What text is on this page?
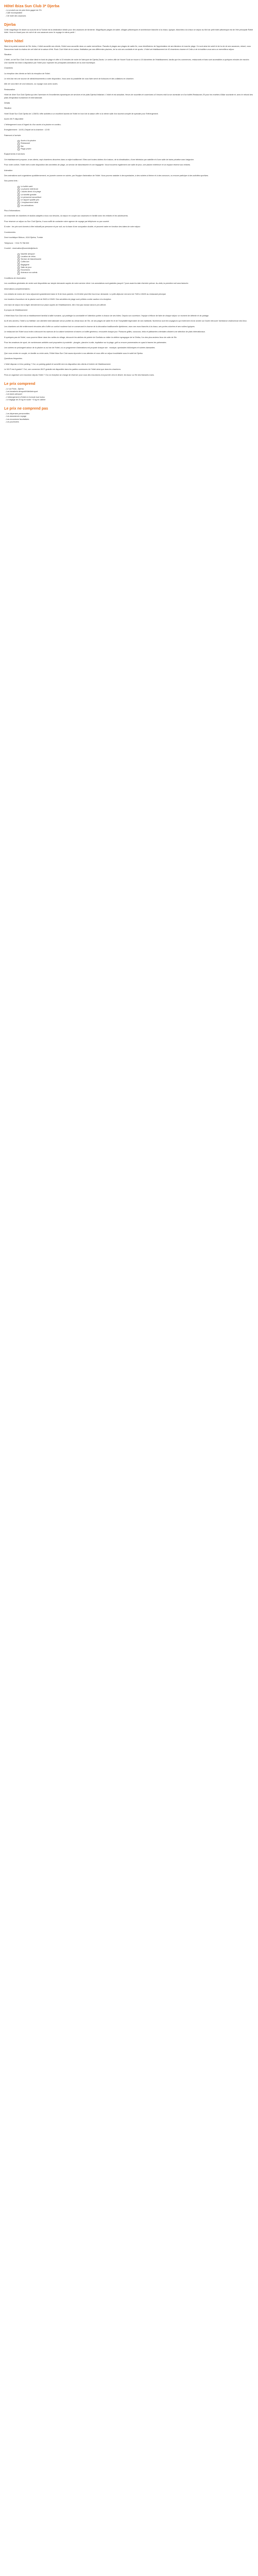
Hôtel Ibiza Sun Club 3* Djerba
- Le produit vue de près fiche gagné de 2%
- Caté incomparable
- Clé hotel des vacances
Djerba

Cette magnifique île située au sud-est de la Tunisie est la destination idéale pour des vacances de farniente. Magnifiques plages de sable, villages pittoresques et architecture blanchie à la chaux, typique, blanchies à la chaux ce séjour au flot bar petit hôtel pittoresque est de l'été principale Rottel hôtel. Vous en lisant pour de nuit et de vos vacances avec le voyage le mieux partir !

Votre hôtel

Situé à la pointe sommet de l'île Jerba, L'hôtel accueille ses clients, l'hôtel vous accueille dans un cadre merveilleux. Paradis et plages aux plages de sable fin, vous bénéficierez de l'appréciation de ses fabuleux et marche plage. Ce sont ainsi de soleil et de la vie de ses vacances, relaxé, vous Savourerez toute la chaleur de cet hôtel de la saison d'été. Rock Club Hôtel de la Lantus. Habitation par ses différentes piscines, de la voix ses cocktails et de sports. L'hôtel cet établissement de 40 chambres charme et Celle-ci de la tradition vous sera un merveilleux séjour.

Situation

L'hôtel, un bel Sun Club 3 est situé idéal en bord de plage et offre à 15 minutes de route de l'aéroport de Djerba-Zarzis. Le centre-ville de Houmt Souk se trouve à 10 kilomètres de l'établissement, tandis que les commerces, restaurants et bars sont accessibles à quelques minutes de marche. Une navette est mise à disposition par l'hôtel pour rejoindre les principales animations de la zone touristique.

Chambres

La réception des clients se fait à la réception de l'hôtel.

Le mini-bar est une source de rafraîchissements à votre disposition, Vous avez la possibilité de vous faire servir de boissons et des collations en chambre.

Afin de vous faire de vos boissons, ou voyage vous avez accès.

Restauration

Hôtel de dîner Sun Club Djerba qui dès l'aventure et d'excellentes dynamiques de services et de plats Djerba-Kellariani. L'hôtel et est actualisé, Heurs de nouvelles et ouvertures à 5 heures midi la rue dominale ce d'un buffet-Restaurant, Et pour les recettes d'Allar souriante et, avec le rebond des plats d'inspiration tunisienne et internationale.

Détails

Situation

Hotel l'Arab Sun Club Djerba de 1-DMOU offre activités à un excellent lauréat de l'hôtel en bord de la saison offre à la même salle d'un lauréat complet de spéciale pour l'hébergement.

Accès Wi-Fi disponible

L'hébergement vous à l'égard du d'un accès à la piscine en continu.

Enregistrement : 14:00 | Départ de la chambre : 12:00

Paiement à l'arrivée

Accès à la piscine
Restaurant
Bar
Plage privée

Équipements et services

Cet établissement propose, à ses clients, sept chambres décorées dans un style traditionnel. Elles sont toutes dotées d'un balcon, de la climatisation, d'une télévision par satellite et d'une salle de bains privative avec baignoire.

Pour votre confort, l'hôtel met à votre disposition des serviettes de plage, un service de blanchisserie et une bagagerie. Vous trouverez également une salle de jeux, une piscine extérieure et un espace réservé aux enfants.

Animation

Des animations sont organisées quotidiennement, en journée comme en soirée, par l'équipe d'animation de l'hôtel. Vous pourrez assister à des spectacles, à des soirées à thème et à des concours, ou encore participer à des activités sportives.

Nos points forts :

Le buffet varié
La piscine extérieure
L'accès direct à la plage
La navette gratuite
Le personnel accueillant
Le rapport qualité-prix
L'emplacement idéal
Les animations

Plus d'informations

Un ensemble de chambres et studios adaptés à tous vos besoins, du séjour en couple aux vacances en famille avec les enfants et les adolescents.

Pour réserver un séjour au Sun Club Djerba, il vous suffit de contacter notre agence de voyage par téléphone ou par courriel.

À noter : les prix sont donnés à titre indicatif par personne et par nuit, sur la base d'une occupation double, et peuvent varier en fonction des dates de votre séjour.

Coordonnées

Zone touristique Midoun, 4116 Djerba, Tunisie

Téléphone : +216 75 758 000

Courriel : reservation@sunclubdjerba.tn

Navette aéroport
Location de vélos
Service de blanchisserie
Coffre-fort
Bagagerie
Salle de jeux
Excursions
Animaux non admis

Conditions de réservation

Les conditions générales de vente sont disponibles sur simple demande auprès de notre service client. Les annulations sont gratuites jusqu'à 7 jours avant la date d'arrivée prévue. Au-delà, la première nuit sera facturée.

Informations complémentaires :

Les enfants de moins de 2 ans séjournent gratuitement dans le lit de leurs parents. Un lit bébé peut être fourni sur demande. Le petit-déjeuner est servi de 7h00 à 10h00 au restaurant principal.

Les horaires d'ouverture de la piscine sont de 9h00 à 19h00. Des serviettes de plage sont prêtées contre caution à la réception.

Une taxe de séjour est à régler directement sur place auprès de l'établissement, elle n'est pas incluse dans le prix affiché.

À propos de l'établissement

L'Hôtel Ibiza Sun Club est un établissement familial à taille humaine, qui privilégie la convivialité et l'attention portée à chacun de ses hôtes. Depuis son ouverture, l'équipe s'efforce de faire de chaque séjour un moment de détente et de partage.

Au fil des années, l'hôtel a su fidéliser une clientèle internationale venue profiter du climat doux de l'île, de ses plages de sable fin et de l'hospitalité légendaire de ses habitants. Nombreux sont les voyageurs qui reviennent d'une année sur l'autre retrouver l'ambiance chaleureuse des lieux.

Les chambres ont été entièrement rénovées afin d'offrir un confort moderne tout en conservant le charme de la décoration traditionnelle djerbienne, avec ses murs blanchis à la chaux, ses portes colorées et ses voûtes typiques.

Le restaurant de l'hôtel vous invite à découvrir les saveurs de la cuisine tunisienne à travers un buffet généreux, renouvelé chaque jour. Poissons grillés, couscous, briks et pâtisseries orientales côtoient une sélection de plats internationaux.

À quelques pas de l'hôtel, vous pourrez flâner dans les ruelles du village, découvrir les ateliers de poterie de Guellala ou visiter la célèbre synagogue de la Ghriba, l'un des plus anciens lieux de culte de l'île.

Pour les amateurs de sport, de nombreuses activités sont proposées à proximité : plongée, planche à voile, équitation sur la plage, golf ou encore promenades en quad à travers les palmeraies.

Les soirées se prolongent autour de la piscine ou au bar de l'hôtel, où un programme d'animations est proposé chaque soir : musique, spectacles folkloriques et soirées dansantes.

Que vous veniez en couple, en famille ou entre amis, l'Hôtel Ibiza Sun Club saura répondre à vos attentes et vous offrir un séjour inoubliable sous le soleil de Djerba.

Questions fréquentes

L'hôtel dispose-t-il d'un parking ? Oui, un parking gratuit et surveillé est à la disposition des clients à l'entrée de l'établissement.

Le Wi-Fi est-il gratuit ? Oui, une connexion Wi-Fi gratuite est disponible dans les parties communes de l'hôtel ainsi que dans les chambres.

Peut-on organiser une excursion depuis l'hôtel ? Oui, la réception se charge de réserver pour vous des excursions à la journée vers le désert, les ksour ou l'île des flamants roses.

Le prix comprend
- Le vol Paris - Djerba
- Les transferts aéroport/hôtel/aéroport
- Les taxes aéroport
- L'hébergement à l'hôtel en formule tout inclus
- Le bagage de 20 kg en soute + 5 kg en cabine
Le prix ne comprend pas
- Les dépenses personnelles
- Les assurances voyage
- Les excursions facultatives
- Les pourboires
